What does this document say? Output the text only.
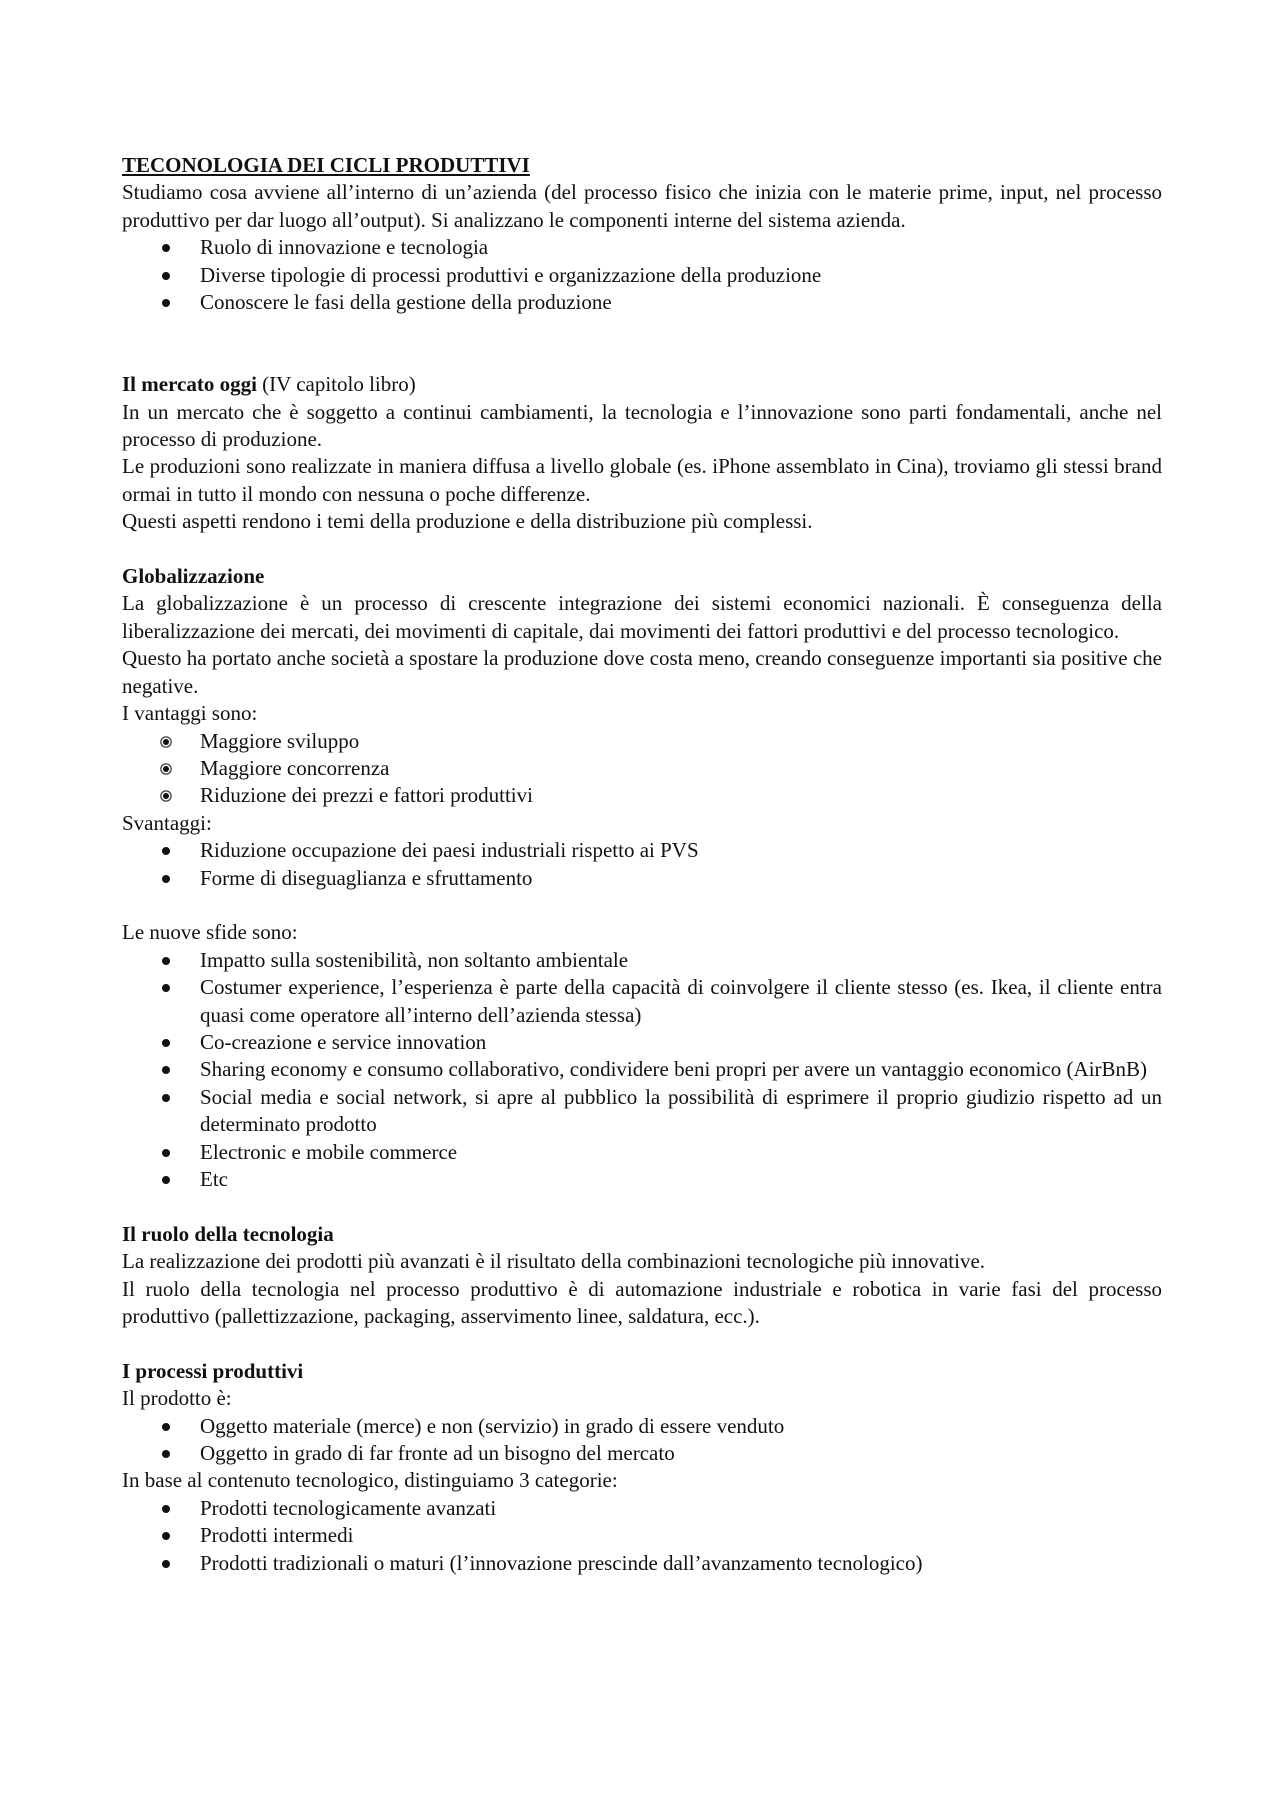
TECONOLOGIA DEI CICLI PRODUTTIVI

Studiamo cosa avviene all’interno di un’azienda (del processo fisico che inizia con le materie prime, input, nel processo produttivo per dar luogo all’output). Si analizzano le componenti interne del sistema azienda.

Ruolo di innovazione e tecnologia
Diverse tipologie di processi produttivi e organizzazione della produzione
Conoscere le fasi della gestione della produzione

Il mercato oggi (IV capitolo libro)

In un mercato che è soggetto a continui cambiamenti, la tecnologia e l’innovazione sono parti fondamentali, anche nel processo di produzione.

Le produzioni sono realizzate in maniera diffusa a livello globale (es. iPhone assemblato in Cina), troviamo gli stessi brand ormai in tutto il mondo con nessuna o poche differenze.

Questi aspetti rendono i temi della produzione e della distribuzione più complessi.

Globalizzazione

La globalizzazione è un processo di crescente integrazione dei sistemi economici nazionali. È conseguenza della liberalizzazione dei mercati, dei movimenti di capitale, dai movimenti dei fattori produttivi e del processo tecnologico.

Questo ha portato anche società a spostare la produzione dove costa meno, creando conseguenze importanti sia positive che negative.

I vantaggi sono:

Maggiore sviluppo
Maggiore concorrenza
Riduzione dei prezzi e fattori produttivi

Svantaggi:

Riduzione occupazione dei paesi industriali rispetto ai PVS
Forme di diseguaglianza e sfruttamento

Le nuove sfide sono:

Impatto sulla sostenibilità, non soltanto ambientale
Costumer experience, l’esperienza è parte della capacità di coinvolgere il cliente stesso (es. Ikea, il cliente entra quasi come operatore all’interno dell’azienda stessa)
Co-creazione e service innovation
Sharing economy e consumo collaborativo, condividere beni propri per avere un vantaggio economico (AirBnB)
Social media e social network, si apre al pubblico la possibilità di esprimere il proprio giudizio rispetto ad un determinato prodotto
Electronic e mobile commerce
Etc

Il ruolo della tecnologia

La realizzazione dei prodotti più avanzati è il risultato della combinazioni tecnologiche più innovative.

Il ruolo della tecnologia nel processo produttivo è di automazione industriale e robotica in varie fasi del processo produttivo (pallettizzazione, packaging, asservimento linee, saldatura, ecc.).

I processi produttivi

Il prodotto è:

Oggetto materiale (merce) e non (servizio) in grado di essere venduto
Oggetto in grado di far fronte ad un bisogno del mercato

In base al contenuto tecnologico, distinguiamo 3 categorie:

Prodotti tecnologicamente avanzati
Prodotti intermedi
Prodotti tradizionali o maturi (l’innovazione prescinde dall’avanzamento tecnologico)
